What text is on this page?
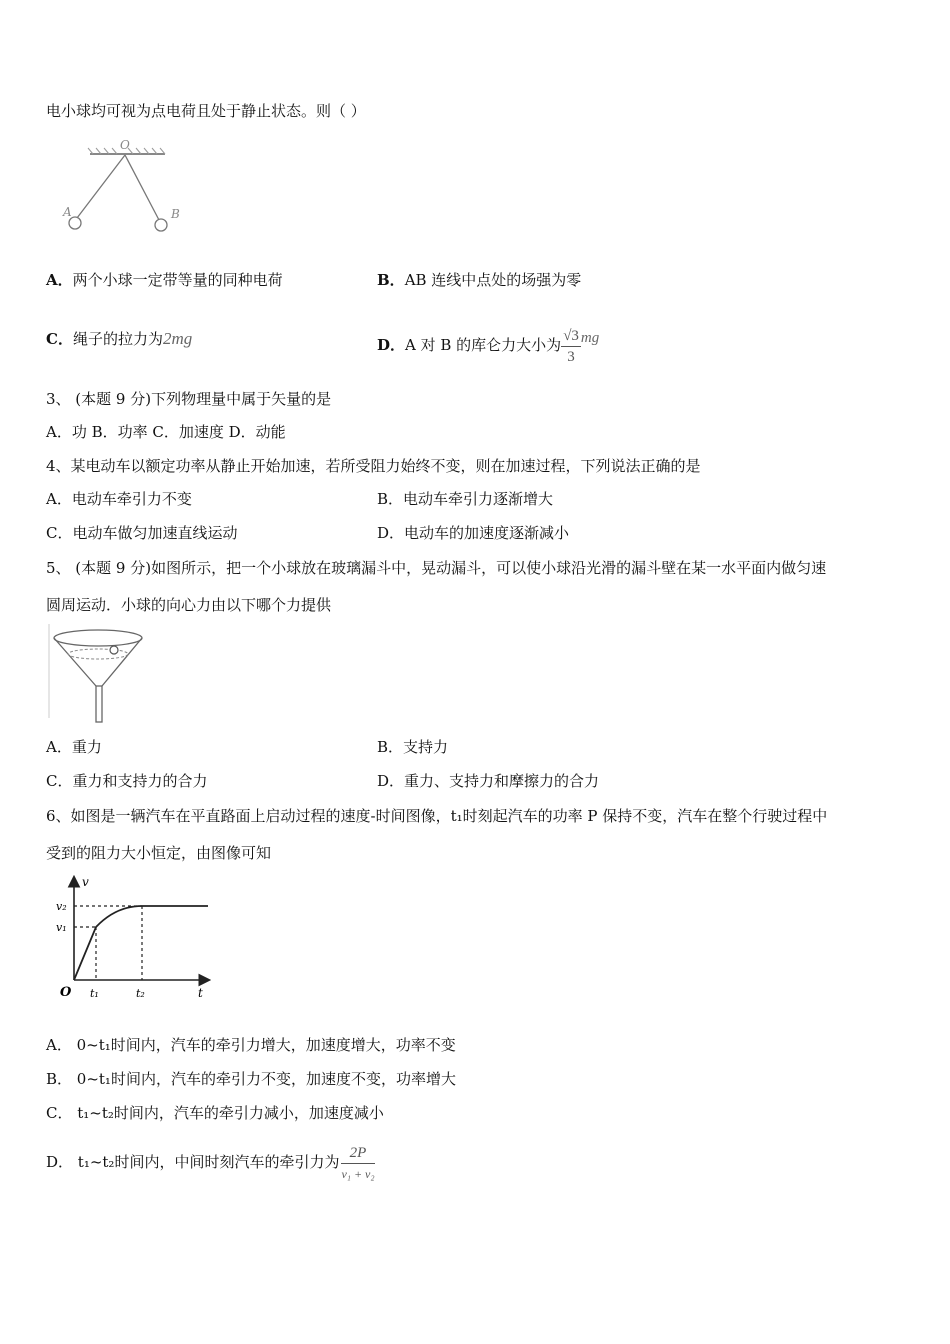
电小球均可视为点电荷且处于静止状态。则（ ）
O
A	B
A．两个小球一定带等量的同种电荷	B．AB 连线中点处的场强为零
C．绳子的拉力为2mg	D．A 对 B 的库仑力大小为 $\frac{√3}{3}$ mg
3、 (本题 9 分)下列物理量中属于矢量的是
A．功 B．功率 C．加速度 D．动能
4、某电动车以额定功率从静止开始加速，若所受阻力始终不变，则在加速过程，下列说法正确的是
A．电动车牵引力不变	B．电动车牵引力逐渐增大
C．电动车做匀加速直线运动	D．电动车的加速度逐渐减小
5、 (本题 9 分)如图所示，把一个小球放在玻璃漏斗中，晃动漏斗，可以使小球沿光滑的漏斗壁在某一水平面内做匀速
圆周运动．小球的向心力由以下哪个力提供
A．重力	B．支持力
C．重力和支持力的合力	D．重力、支持力和摩擦力的合力
6、如图是一辆汽车在平直路面上启动过程的速度-时间图像，t₁时刻起汽车的功率 P 保持不变，汽车在整个行驶过程中
受到的阻力大小恒定，由图像可知
v
v₂
v₁
O t₁	t₂	t
A． 0~t₁时间内，汽车的牵引力增大，加速度增大，功率不变
B． 0~t₁时间内，汽车的牵引力不变，加速度不变，功率增大
C． t₁~t₂时间内，汽车的牵引力减小，加速度减小
D． t₁~t₂时间内，中间时刻汽车的牵引力为 $\frac{2P}{\text{v₁ + v₂}}$
